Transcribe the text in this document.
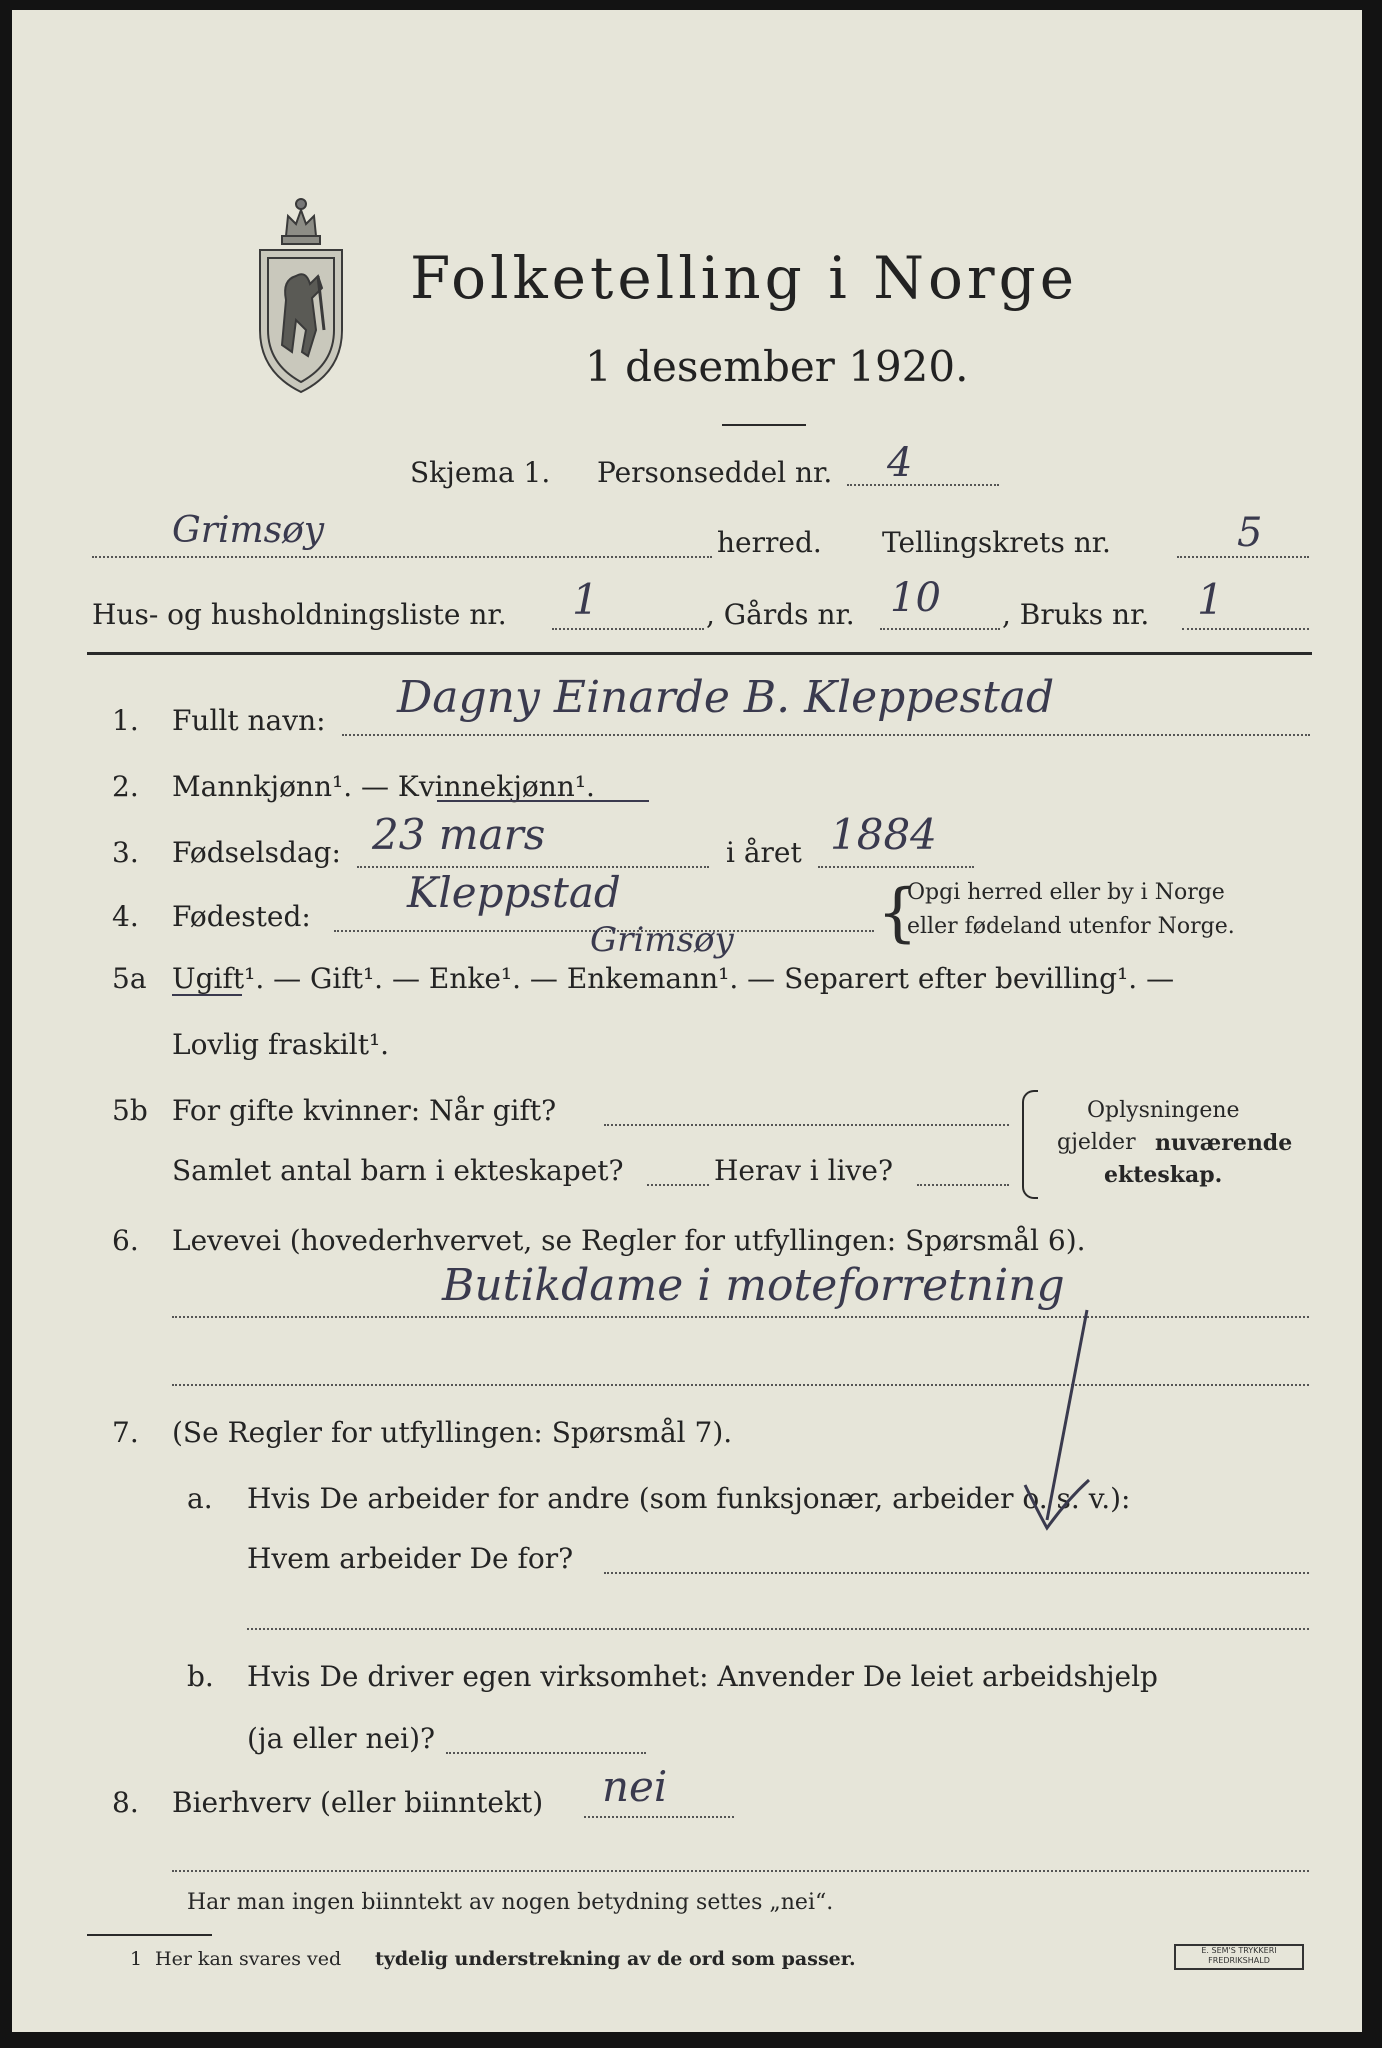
Folketelling i Norge
1 desember 1920.
Skjema 1. Personseddel nr. 4
Grimsøy	herred. Tellingskrets nr.	5
Hus- og husholdningsliste nr. 1	, Gårds nr. 10 , Bruks nr. 1
1. Fullt navn: Dagny Einarde B. Kleppestad
2. Mannkjønn¹. — Kvinnekjønn¹.
3. Fødselsdag: 23 mars	i året 1884
4. Fødested: Kleppstad
Grimsøy {
Opgi herred eller by i Norge
eller fødeland utenfor Norge.
5a Ugift¹. — Gift¹. — Enke¹. — Enkemann¹. — Separert efter bevilling¹. —
Lovlig fraskilt¹.
5b For gifte kvinner: Når gift?
Samlet antal barn i ekteskapet?	Herav i live?
Oplysningene
gjelder nuværende
ekteskap.
6. Levevei (hovederhvervet, se Regler for utfyllingen: Spørsmål 6).
Butikdame i moteforretning
7. (Se Regler for utfyllingen: Spørsmål 7).
a. Hvis De arbeider for andre (som funksjonær, arbeider o. s. v.):
Hvem arbeider De for?
b. Hvis De driver egen virksomhet: Anvender De leiet arbeidshjelp
(ja eller nei)?
8. Bierhverv (eller biinntekt) nei
Har man ingen biinntekt av nogen betydning settes „nei“.
1 Her kan svares ved tydelig understrekning av de ord som passer.	E. SEM'S TRYKKERI
FREDRIKSHALD
